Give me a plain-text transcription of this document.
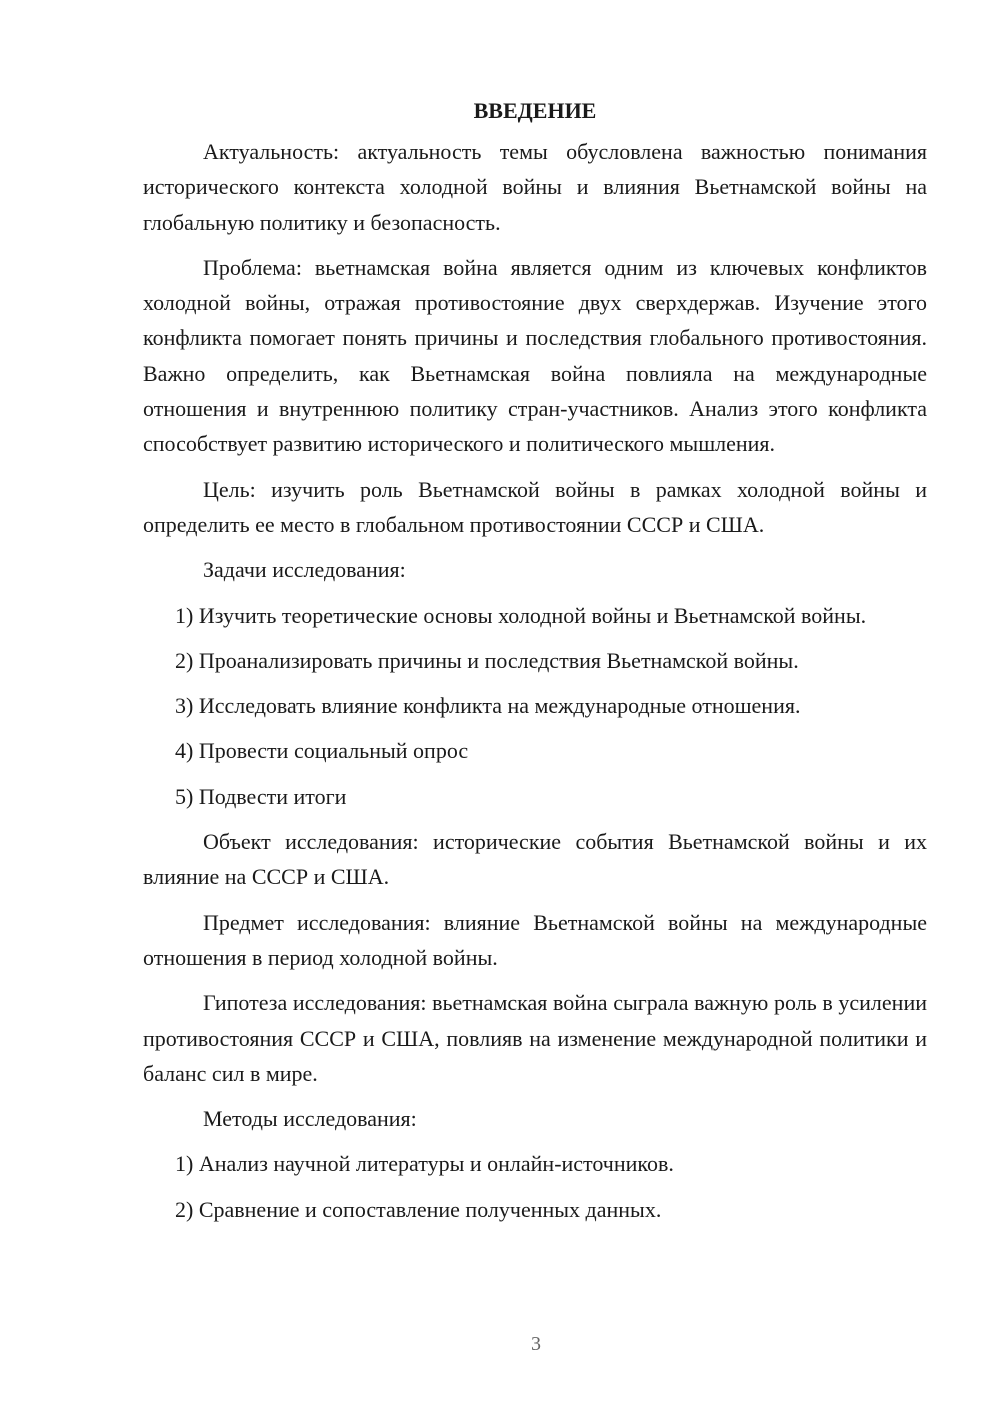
ВВЕДЕНИЕ

Актуальность: актуальность темы обусловлена важностью понимания исторического контекста холодной войны и влияния Вьетнамской войны на глобальную политику и безопасность.

Проблема: вьетнамская война является одним из ключевых конфликтов холодной войны, отражая противостояние двух сверхдержав. Изучение этого конфликта помогает понять причины и последствия глобального противостояния. Важно определить, как Вьетнамская война повлияла на международные отношения и внутреннюю политику стран-участников. Анализ этого конфликта способствует развитию исторического и политического мышления.

Цель: изучить роль Вьетнамской войны в рамках холодной войны и определить ее место в глобальном противостоянии СССР и США.

Задачи исследования:

1) Изучить теоретические основы холодной войны и Вьетнамской войны.

2) Проанализировать причины и последствия Вьетнамской войны.

3) Исследовать влияние конфликта на международные отношения.

4) Провести социальный опрос

5) Подвести итоги

Объект исследования: исторические события Вьетнамской войны и их влияние на СССР и США.

Предмет исследования: влияние Вьетнамской войны на международные отношения в период холодной войны.

Гипотеза исследования: вьетнамская война сыграла важную роль в усилении противостояния СССР и США, повлияв на изменение международной политики и баланс сил в мире.

Методы исследования:

1) Анализ научной литературы и онлайн-источников.

2) Сравнение и сопоставление полученных данных.

3
